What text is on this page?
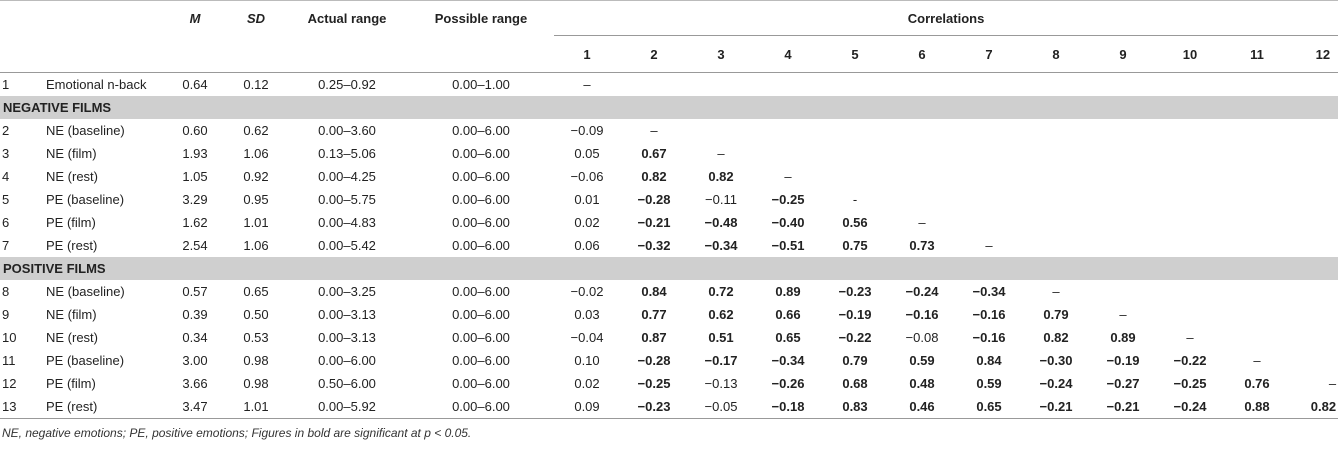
		M	SD	Actual range	Possible range	Correlations											
						1	2	3	4	5	6	7	8	9	10	11	12
1	Emotional n-back	0.64	0.12	0.25–0.92	0.00–1.00	–											
NEGATIVE FILMS																	
2	NE (baseline)	0.60	0.62	0.00–3.60	0.00–6.00	−0.09	–										
3	NE (film)	1.93	1.06	0.13–5.06	0.00–6.00	0.05	0.67	–									
4	NE (rest)	1.05	0.92	0.00–4.25	0.00–6.00	−0.06	0.82	0.82	–								
5	PE (baseline)	3.29	0.95	0.00–5.75	0.00–6.00	0.01	−0.28	−0.11	−0.25	-							
6	PE (film)	1.62	1.01	0.00–4.83	0.00–6.00	0.02	−0.21	−0.48	−0.40	0.56	–						
7	PE (rest)	2.54	1.06	0.00–5.42	0.00–6.00	0.06	−0.32	−0.34	−0.51	0.75	0.73	–					
POSITIVE FILMS																	
8	NE (baseline)	0.57	0.65	0.00–3.25	0.00–6.00	−0.02	0.84	0.72	0.89	−0.23	−0.24	−0.34	–				
9	NE (film)	0.39	0.50	0.00–3.13	0.00–6.00	0.03	0.77	0.62	0.66	−0.19	−0.16	−0.16	0.79	–			
10	NE (rest)	0.34	0.53	0.00–3.13	0.00–6.00	−0.04	0.87	0.51	0.65	−0.22	−0.08	−0.16	0.82	0.89	–		
11	PE (baseline)	3.00	0.98	0.00–6.00	0.00–6.00	0.10	−0.28	−0.17	−0.34	0.79	0.59	0.84	−0.30	−0.19	−0.22	–	
12	PE (film)	3.66	0.98	0.50–6.00	0.00–6.00	0.02	−0.25	−0.13	−0.26	0.68	0.48	0.59	−0.24	−0.27	−0.25	0.76	–
13	PE (rest)	3.47	1.01	0.00–5.92	0.00–6.00	0.09	−0.23	−0.05	−0.18	0.83	0.46	0.65	−0.21	−0.21	−0.24	0.88	0.82
NE, negative emotions; PE, positive emotions; Figures in bold are significant at p < 0.05.
